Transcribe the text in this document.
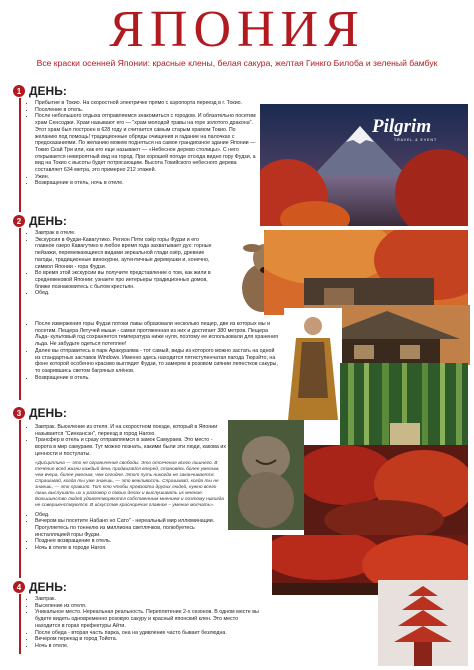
ЯПОНИЯ
Все краски осенней Японии: красные клены, белая сакура, желтая Гинкго Билоба и зеленый бамбук
Pilgrim
TRAVEL & EVENT
1 ДЕНЬ:
• Прибытие в Токио. На скоростной электричке прямо с аэропорта переезд в г. Токио.
• Поселение в отель.
• После небольшого отдыха отправляемся знакомиться с городом. И обязательно посетим храм Сенсоджи. Храм называют его — "храм молодой травы на горе золотого дракона". Этот храм был построен в 628 году и считается самым старым храмом Токио. По желанию под помощь! традиционные обряды очищения и гадание на палочках с предсказаниями. По желанию можем подняться на самое грандиозное здание Японии — Токио Скай Три или, как его еще называют — «Небесное дерево столицы». С него открывается невероятный вид на город. При хорошей погоде отсюда видно гору Фудзи, а вид на Токио с высоты будет потрясающим. Высота Токийского небесного дерева составляет 634 метра, это примерно 212 этажей.
• Ужин.
• Возвращение в отель, ночь в отеле.
2 ДЕНЬ:
• Завтрак в отеле.
• Экскурсия в Фудзи-Кавагутико. Регион Пяти озёр горы Фудзи и его главное озеро Кавагутико в любое время года захватывает дух: горные пейзажи, перемежающиеся видами зеркальной глади озёр, древние пагоды, традиционные винокурни, аутентичные деревушки и, конечно, символ Японии - гора Фудзи.
• Во время этой экскурсии вы получите представление о том, как жили в средневековой Японии: узнаете про интерьеры традиционных домов, ближе познакомитесь с бытом крестьян.
• Обед.
• После извержения горы Фудзи потоки лавы образовали несколько пещер, две из которых мы и посетим. Пещера Летучей мыши - самая протяженная из них и достигает 380 метров. Пещера Льда- культовый год сохраняется температура ниже нуля, поэтому ее использовали для хранения льда. Не забудьте одеться потеплее!
• Далее вы отправитесь в парк Аракураяма - тот самый, виды из которого можно застать на одной из стандартных заставок Windows. Именно здесь находится пятиступенчатая пагода Тюрэйто, на фоне которой особенно красиво выглядит Фудзи, то замерев в розовом сиянии лепестков сакуры, то озарившись светом багряных клёнов.
• Возвращение в отель.
3 ДЕНЬ:
• Завтрак. Выселение из отеля. И на скоростном поезде, который в Японии называется "Синкансэн", переезд в город Нагою.
• Трансфер в отель и сразу отправляемся в замок Самураев. Это место - ворота в мир самураев. Тут можно познать, какими были эти люди, какова их ценности и постулаты.

«Дисциплина — это не ограничение свободы. Это отсечение всего лишнего. В течение всей жизни каждый день продвигайся вперед, становясь более умелым, чем вчера, более умелым, чем сегодня. Этот путь никогда не заканчивается. Спрашивай, когда ты уже знаешь, — это вежливость. Спрашивай, когда ты не знаешь, — это правило. Тот кто чтобы превзойти других людей, нужно всего лишь выслушать их и разговор о твоих делах и выслушивать их мнение. Большинство людей удовлетворяются собственным мнением и поэтому никогда не совершенствуются. В искусстве красноречия главное – умение молчать».

• Обед.
• Вечером вы посетите Набано но Сато" - нереальный мир иллюминации. Прогуляетесь по тоннелю из миллиона светлячков, полюбуетесь инсталляцией горы Фудзи.
• Позднее возвращение в отель.
• Ночь в отеле в городе Нагоя.
4 ДЕНЬ:
• Завтрак.
• Выселение из отеля.
• Уникальное место. Нереальная реальность. Переплетение 2-х сезонов. В одном месте вы будете видеть одновременно розовую сакуру и красный японский клен. Это место находится в горах префектуры Айти.
• После обеда - вторая часть парка, она на удивление часто бывает безлюдна.
• Вечером переезд в город Тойота.
• Ночь в отеле.
